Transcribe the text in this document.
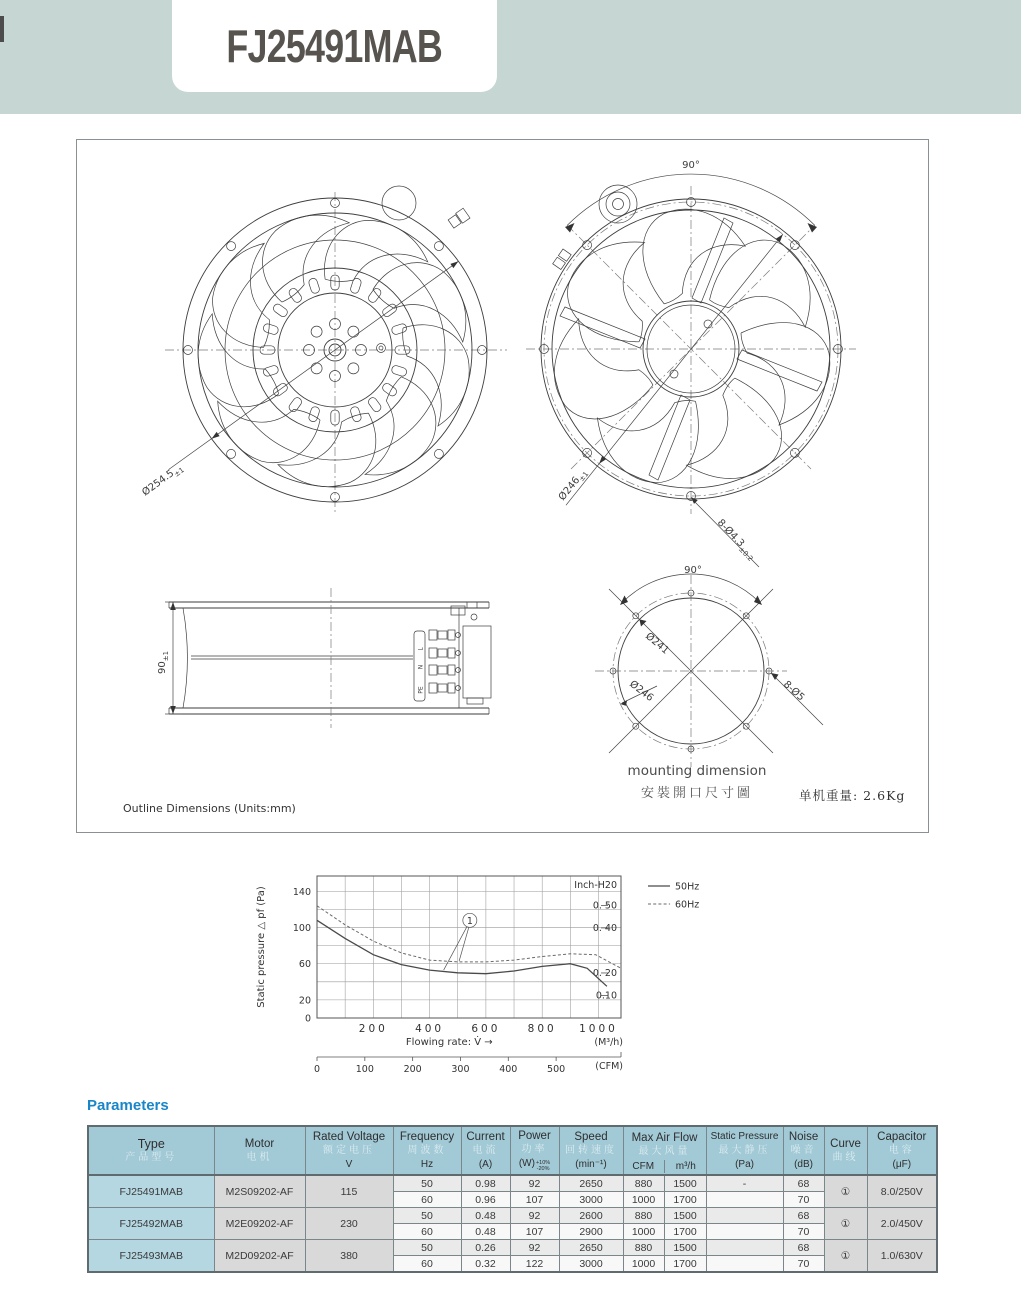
FJ25491MAB
$Ø254.5_{\pm 1}$
90°
$Ø246_{\pm 1}$
$8-Ø4.3_{\pm 0.2}$
L
N
PE
$90_{\pm 1}$
90°
Ø241
Ø246	8-Ø5
mounting dimension
安裝開口尺寸圖	单机重量: 2.6Kg
Outline Dimensions (Units:mm)
0
20
60
100
140
200	400	600	800 1000
0. 50
0. 40
0. 20
0.10
Inch-H20	50Hz
60Hz
Flowing rate: V̇ →	(M³/h)
0	100	200	300	400	500	(CFM)
Static pressure △ pf (Pa)	1
Parameters
Type
产品型号

Motor
电机

Rated Voltage
额定电压
V

Frequency
周波数
Hz

Current
电流
(A)

Power
功率
(W) +10%
-20%

Speed
回转速度
(min⁻¹)

Max Air Flow
最大风量
CFM	m³/h

Static Pressure
最大静压
(Pa)

Noise
噪音
(dB)

Curve
曲线

Capacitor
电容
(μF)

FJ25491MAB	M2S09202-AF	115	50	0.98	92	2650	880	1500	-	68	①	8.0/250V
			60	0.96	107	3000	1000	1700		70		
FJ25492MAB	M2E09202-AF	230	50	0.48	92	2600	880	1500		68	①	2.0/450V
			60	0.48	107	2900	1000	1700		70		
FJ25493MAB	M2D09202-AF	380	50	0.26	92	2650	880	1500		68	①	1.0/630V
			60	0.32	122	3000	1000	1700		70		
